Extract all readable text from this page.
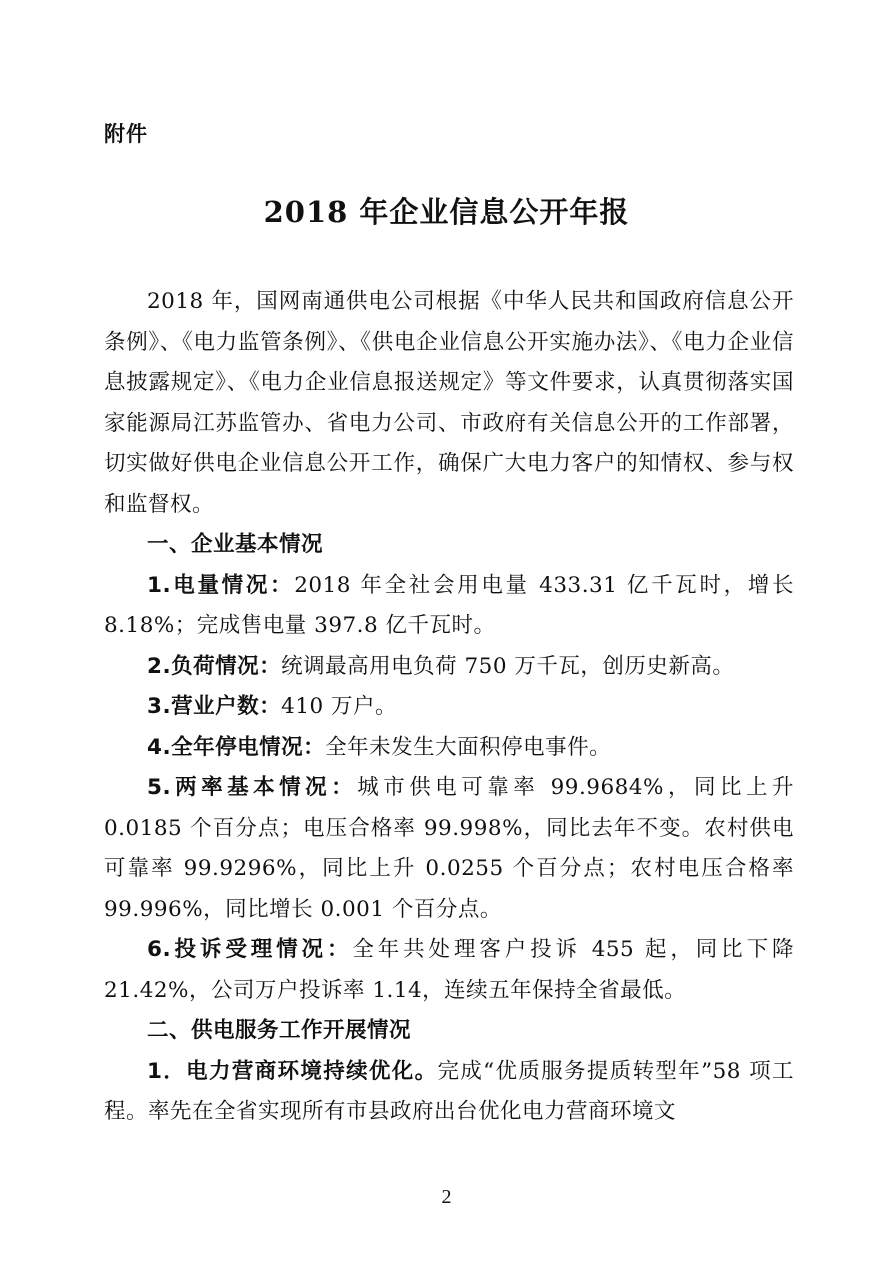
附件
2018 年企业信息公开年报

2018 年，国网南通供电公司根据《中华人民共和国政府信息公开条例》、《电力监管条例》、《供电企业信息公开实施办法》、《电力企业信息披露规定》、《电力企业信息报送规定》等文件要求，认真贯彻落实国家能源局江苏监管办、省电力公司、市政府有关信息公开的工作部署，切实做好供电企业信息公开工作，确保广大电力客户的知情权、参与权和监督权。

一、企业基本情况

1.电量情况：2018 年全社会用电量 433.31 亿千瓦时，增长 8.18%；完成售电量 397.8 亿千瓦时。

2.负荷情况：统调最高用电负荷 750 万千瓦，创历史新高。

3.营业户数：410 万户。

4.全年停电情况：全年未发生大面积停电事件。

5.两率基本情况：城市供电可靠率 99.9684%，同比上升 0.0185 个百分点；电压合格率 99.998%，同比去年不变。农村供电可靠率 99.9296%，同比上升 0.0255 个百分点；农村电压合格率 99.996%，同比增长 0.001 个百分点。

6.投诉受理情况：全年共处理客户投诉 455 起，同比下降 21.42%，公司万户投诉率 1.14，连续五年保持全省最低。

二、供电服务工作开展情况

1．电力营商环境持续优化。完成“优质服务提质转型年”58 项工程。率先在全省实现所有市县政府出台优化电力营商环境文

2
